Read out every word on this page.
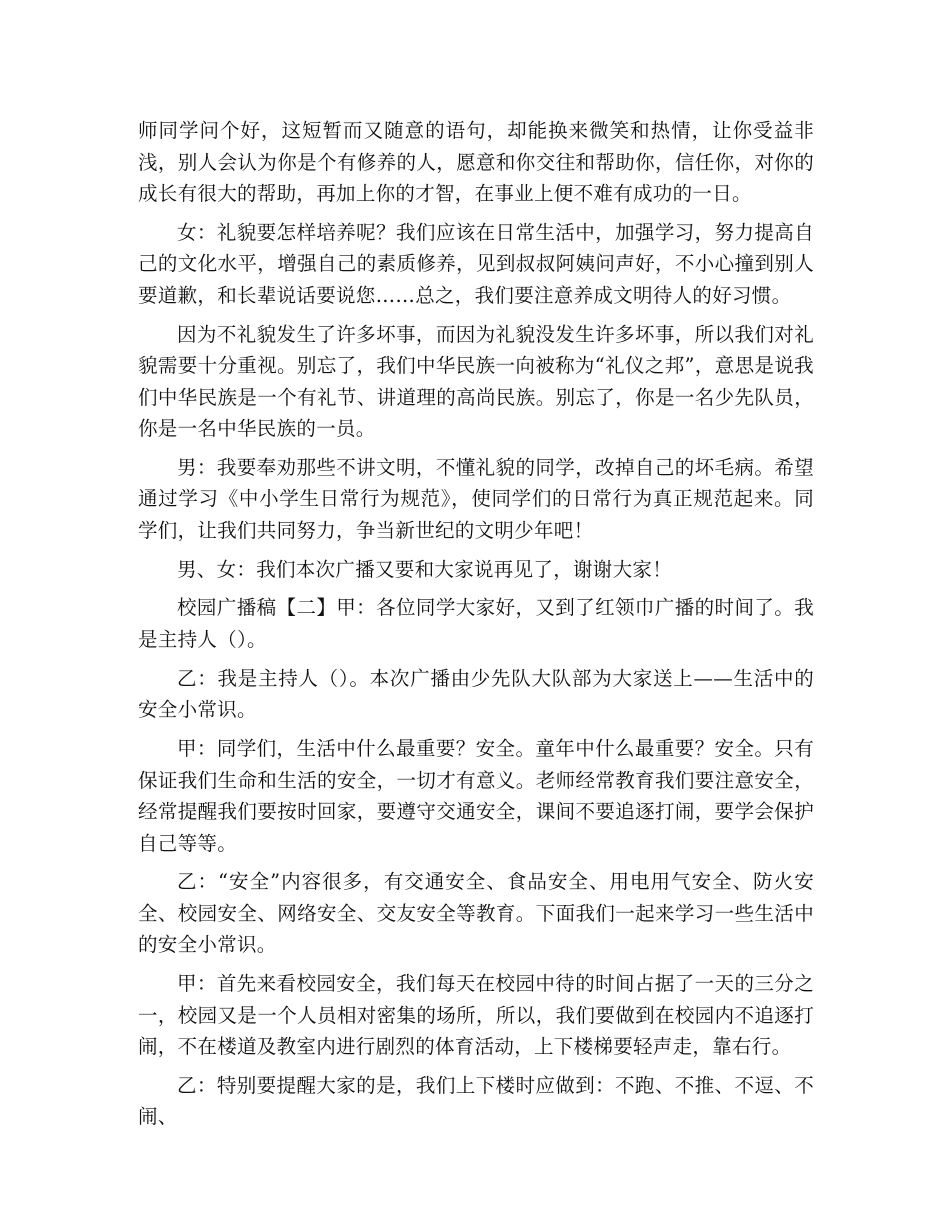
师同学问个好，这短暂而又随意的语句，却能换来微笑和热情，让你受益非浅，别人会认为你是个有修养的人，愿意和你交往和帮助你，信任你，对你的成长有很大的帮助，再加上你的才智，在事业上便不难有成功的一日。

女：礼貌要怎样培养呢？我们应该在日常生活中，加强学习，努力提高自己的文化水平，增强自己的素质修养，见到叔叔阿姨问声好，不小心撞到别人要道歉，和长辈说话要说您……总之，我们要注意养成文明待人的好习惯。

因为不礼貌发生了许多坏事，而因为礼貌没发生许多坏事，所以我们对礼貌需要十分重视。别忘了，我们中华民族一向被称为“礼仪之邦”，意思是说我们中华民族是一个有礼节、讲道理的高尚民族。别忘了，你是一名少先队员，你是一名中华民族的一员。

男：我要奉劝那些不讲文明，不懂礼貌的同学，改掉自己的坏毛病。希望通过学习《中小学生日常行为规范》，使同学们的日常行为真正规范起来。同学们，让我们共同努力，争当新世纪的文明少年吧！

男、女：我们本次广播又要和大家说再见了，谢谢大家！

校园广播稿【二】甲：各位同学大家好，又到了红领巾广播的时间了。我是主持人（）。

乙：我是主持人（）。本次广播由少先队大队部为大家送上——生活中的安全小常识。

甲：同学们，生活中什么最重要？安全。童年中什么最重要？安全。只有保证我们生命和生活的安全，一切才有意义。老师经常教育我们要注意安全，经常提醒我们要按时回家，要遵守交通安全，课间不要追逐打闹，要学会保护自己等等。

乙：“安全”内容很多，有交通安全、食品安全、用电用气安全、防火安全、校园安全、网络安全、交友安全等教育。下面我们一起来学习一些生活中的安全小常识。

甲：首先来看校园安全，我们每天在校园中待的时间占据了一天的三分之一，校园又是一个人员相对密集的场所，所以，我们要做到在校园内不追逐打闹，不在楼道及教室内进行剧烈的体育活动，上下楼梯要轻声走，靠右行。

乙：特别要提醒大家的是，我们上下楼时应做到：不跑、不推、不逗、不闹、
